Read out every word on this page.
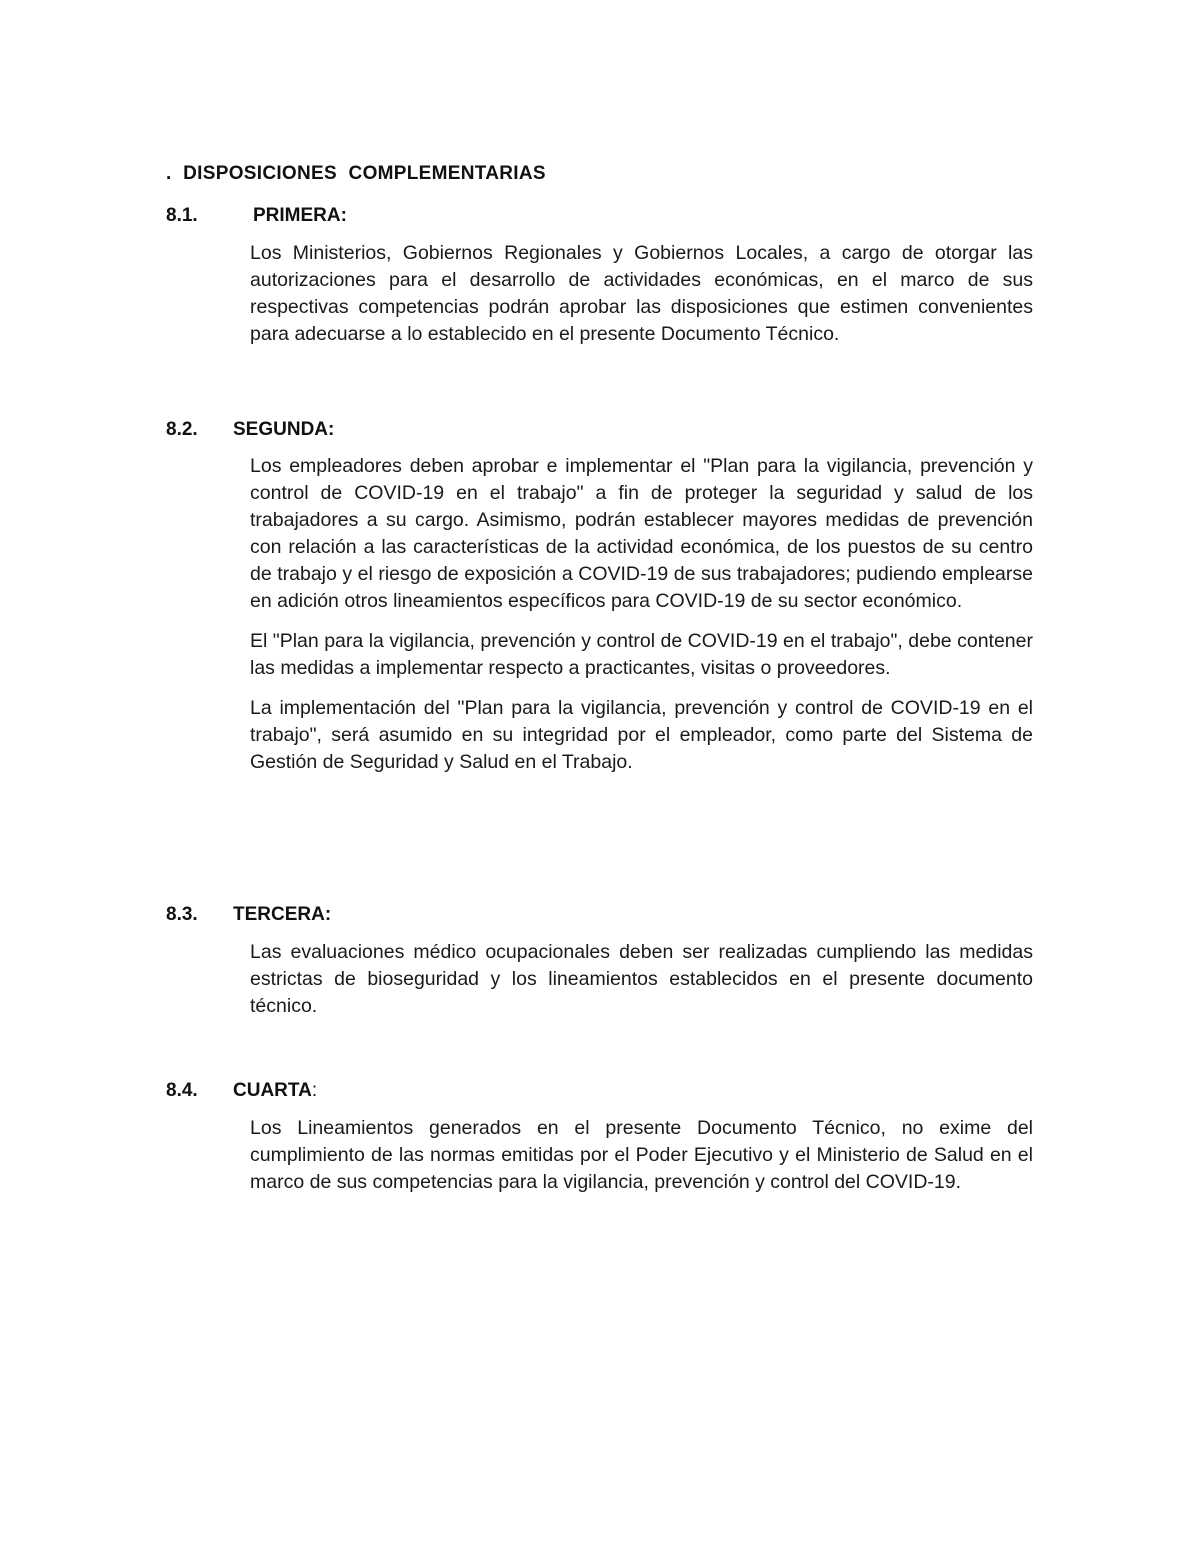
. DISPOSICIONES COMPLEMENTARIAS
8.1.	PRIMERA:

Los Ministerios, Gobiernos Regionales y Gobiernos Locales, a cargo de otorgar las autorizaciones para el desarrollo de actividades económicas, en el marco de sus respectivas competencias podrán aprobar las disposiciones que estimen convenientes para adecuarse a lo establecido en el presente Documento Técnico.

8.2. SEGUNDA:

Los empleadores deben aprobar e implementar el "Plan para la vigilancia, prevención y control de COVID-19 en el trabajo" a fin de proteger la seguridad y salud de los trabajadores a su cargo. Asimismo, podrán establecer mayores medidas de prevención con relación a las características de la actividad económica, de los puestos de su centro de trabajo y el riesgo de exposición a COVID-19 de sus trabajadores; pudiendo emplearse en adición otros lineamientos específicos para COVID-19 de su sector económico.

El "Plan para la vigilancia, prevención y control de COVID-19 en el trabajo", debe contener las medidas a implementar respecto a practicantes, visitas o proveedores.

La implementación del "Plan para la vigilancia, prevención y control de COVID-19 en el trabajo", será asumido en su integridad por el empleador, como parte del Sistema de Gestión de Seguridad y Salud en el Trabajo.

8.3. TERCERA:

Las evaluaciones médico ocupacionales deben ser realizadas cumpliendo las medidas estrictas de bioseguridad y los lineamientos establecidos en el presente documento técnico.

8.4. CUARTA:

Los Lineamientos generados en el presente Documento Técnico, no exime del cumplimiento de las normas emitidas por el Poder Ejecutivo y el Ministerio de Salud en el marco de sus competencias para la vigilancia, prevención y control del COVID-19.
